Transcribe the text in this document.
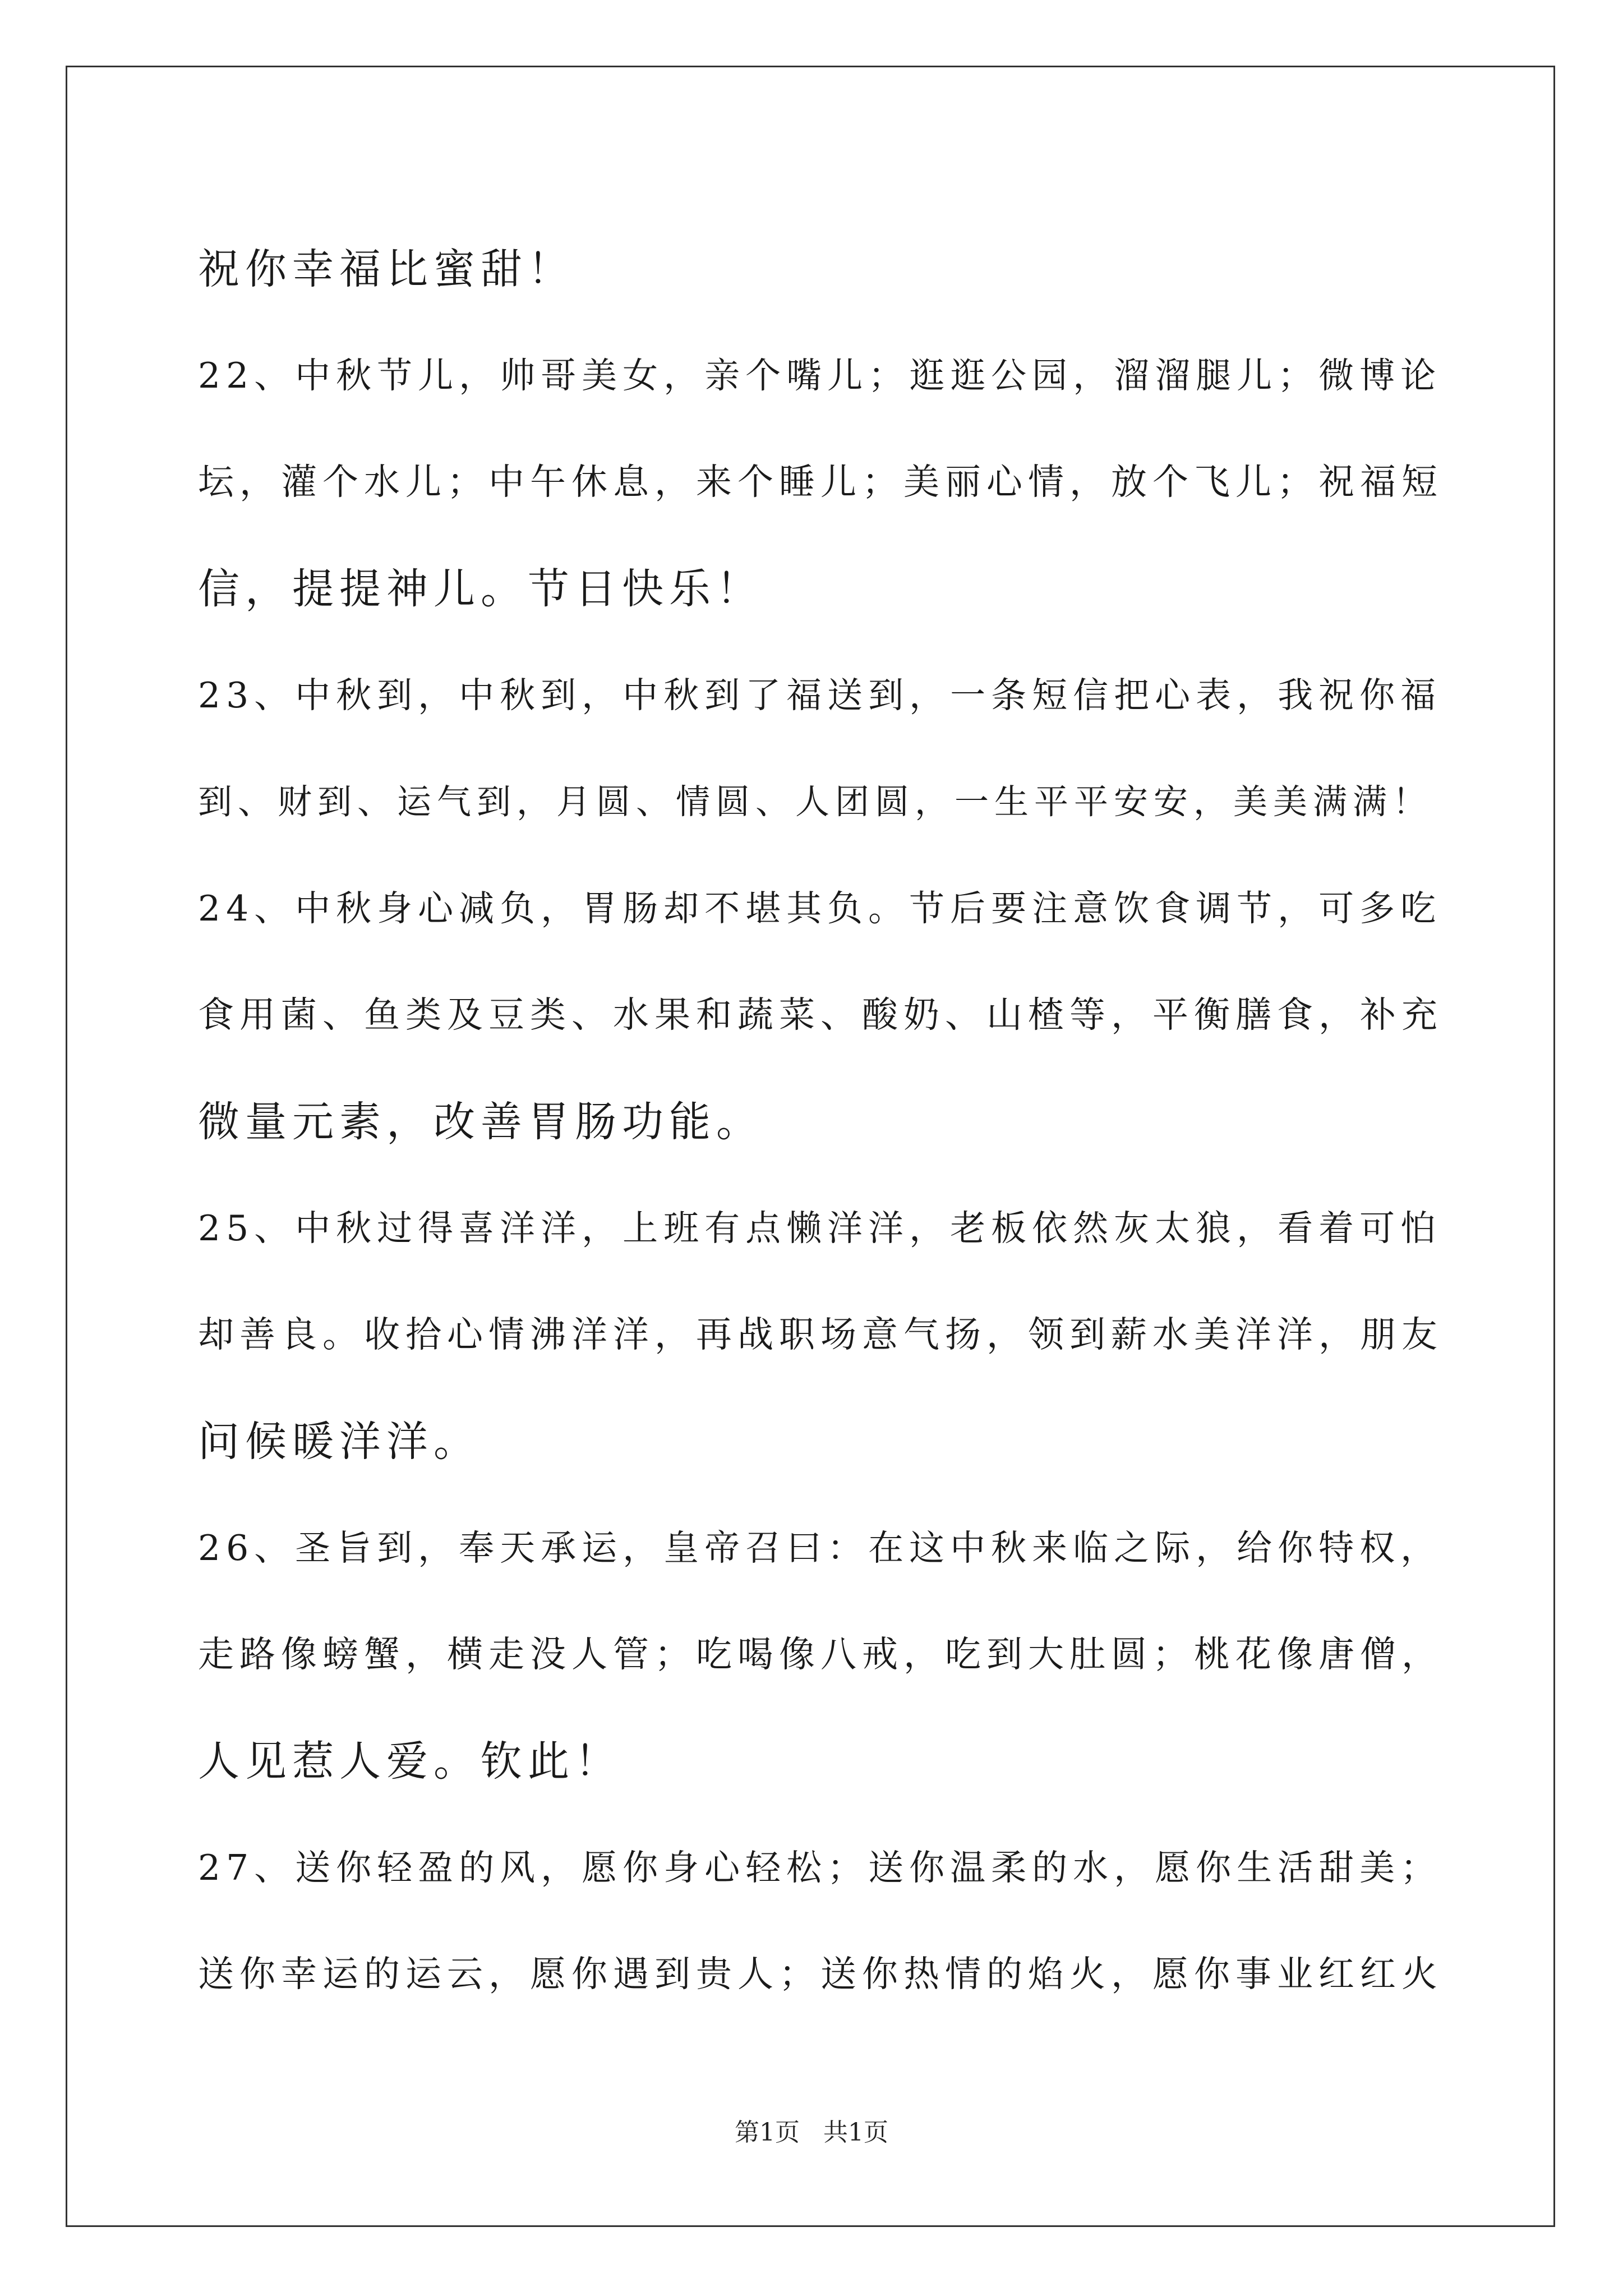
祝你幸福比蜜甜！
22、中秋节儿，帅哥美女，亲个嘴儿；逛逛公园，溜溜腿儿；微博论
坛，灌个水儿；中午休息，来个睡儿；美丽心情，放个飞儿；祝福短
信，提提神儿。节日快乐！
23、中秋到，中秋到，中秋到了福送到，一条短信把心表，我祝你福
到、财到、运气到，月圆、情圆、人团圆，一生平平安安，美美满满！
24、中秋身心减负，胃肠却不堪其负。节后要注意饮食调节，可多吃
食用菌、鱼类及豆类、水果和蔬菜、酸奶、山楂等，平衡膳食，补充
微量元素，改善胃肠功能。
25、中秋过得喜洋洋，上班有点懒洋洋，老板依然灰太狼，看着可怕
却善良。收拾心情沸洋洋，再战职场意气扬，领到薪水美洋洋，朋友
问候暖洋洋。
26、圣旨到，奉天承运，皇帝召曰：在这中秋来临之际，给你特权，
走路像螃蟹，横走没人管；吃喝像八戒，吃到大肚圆；桃花像唐僧，
人见惹人爱。钦此！
27、送你轻盈的风，愿你身心轻松；送你温柔的水，愿你生活甜美；
送你幸运的运云，愿你遇到贵人；送你热情的焰火，愿你事业红红火
第1页   共1页
